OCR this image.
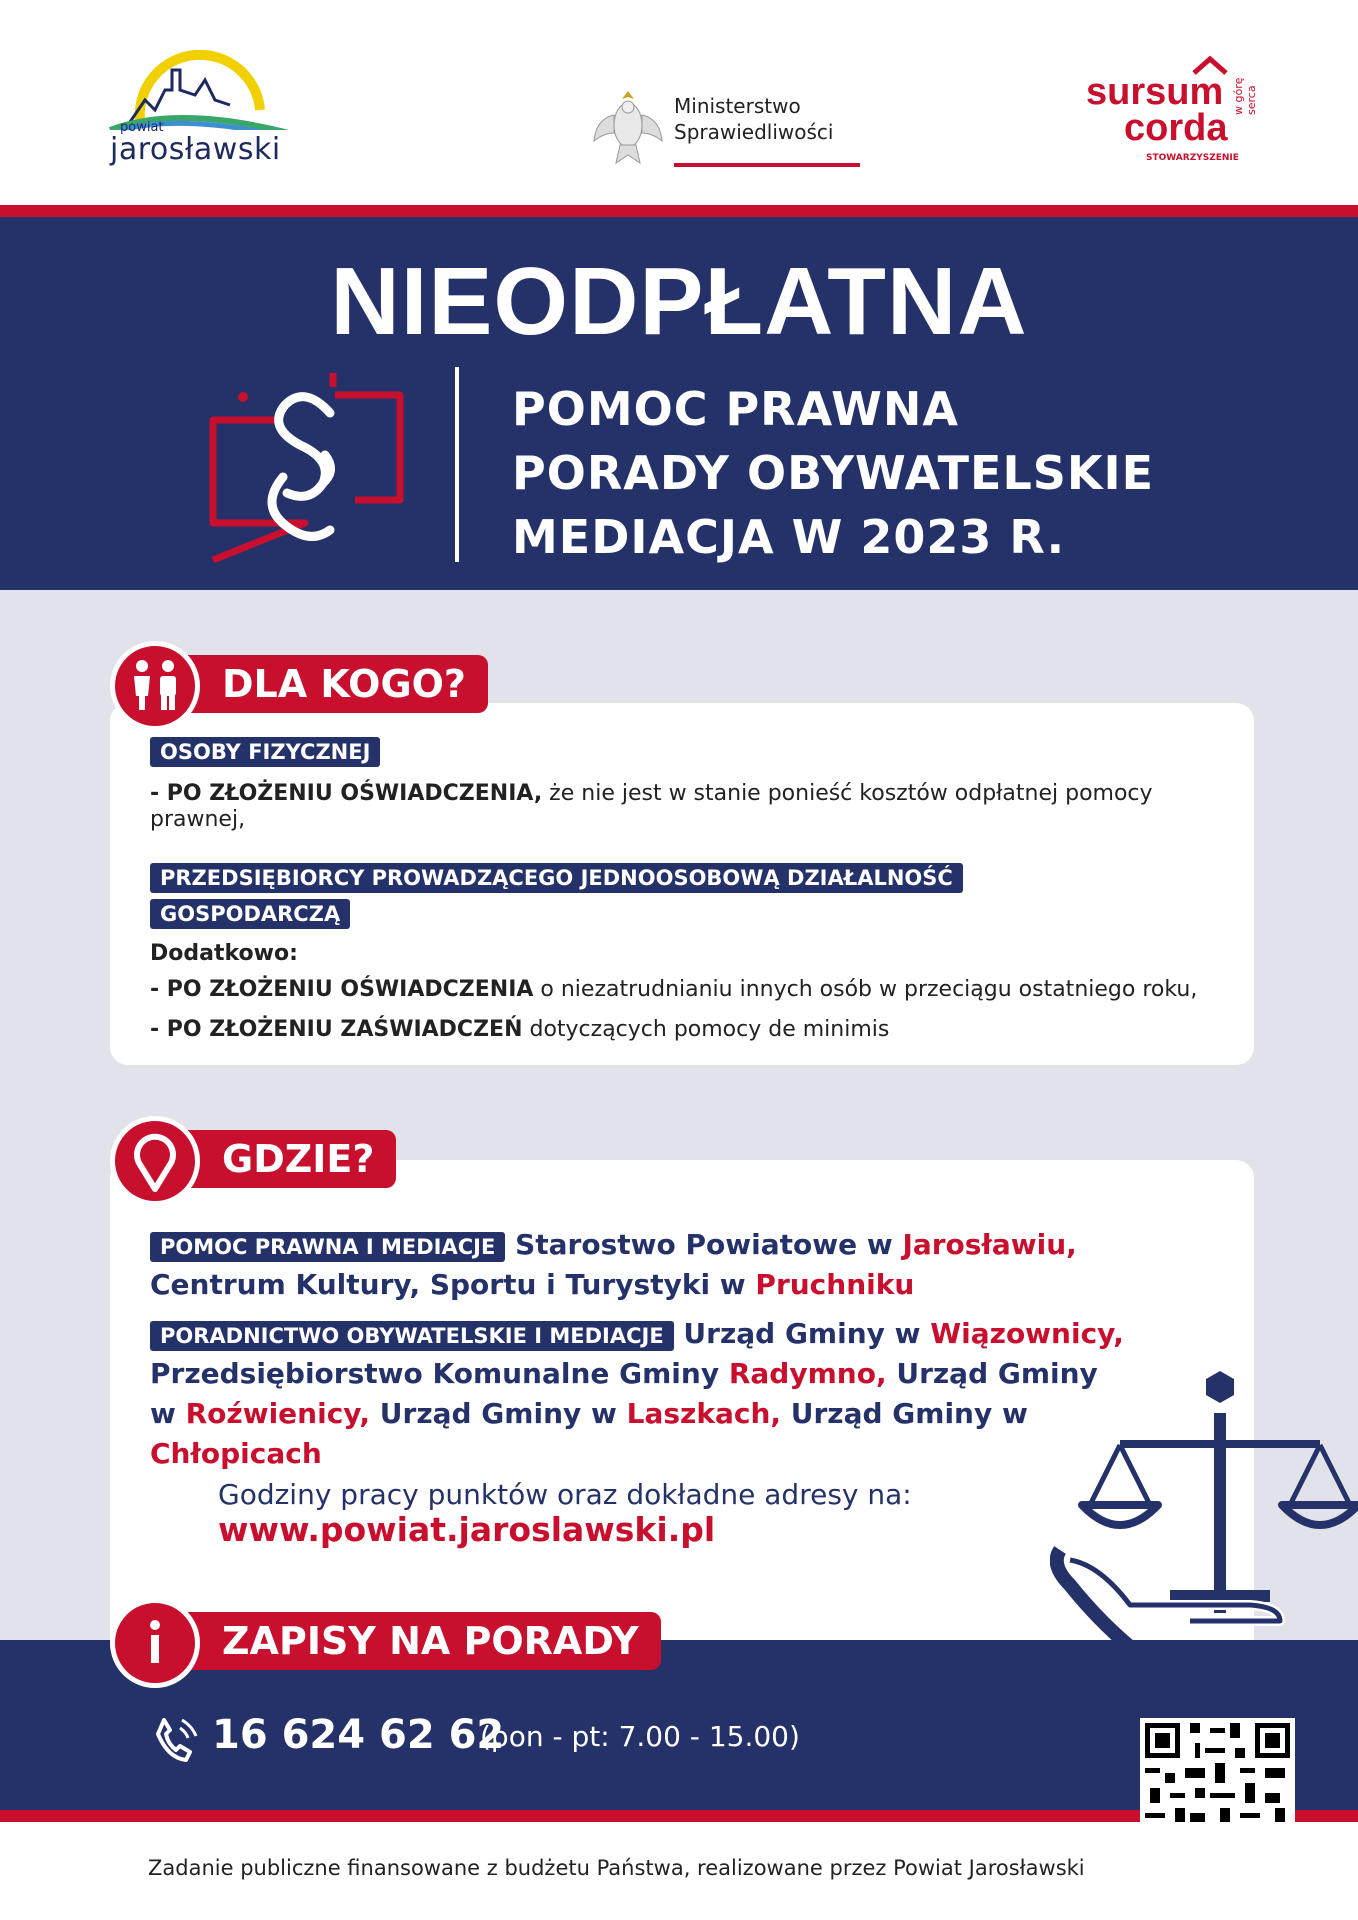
powiat
jarosławski
Ministerstwo
Sprawiedliwości
sursum
corda
STOWARZYSZENIE
w górę serca
NIEODPŁATNA
POMOC PRAWNA
PORADY OBYWATELSKIE
MEDIACJA W 2023 R.
OSOBY FIZYCZNEJ
- PO ZŁOŻENIU OŚWIADCZENIA, że nie jest w stanie ponieść kosztów odpłatnej pomocy
prawnej,
PRZEDSIĘBIORCY PROWADZĄCEGO JEDNOOSOBOWĄ DZIAŁALNOŚĆ
GOSPODARCZĄ
Dodatkowo:
- PO ZŁOŻENIU OŚWIADCZENIA o niezatrudnianiu innych osób w przeciągu ostatniego roku,
- PO ZŁOŻENIU ZAŚWIADCZEŃ dotyczących pomocy de minimis
DLA KOGO?
GDZIE?
POMOC PRAWNA I MEDIACJE Starostwo Powiatowe w Jarosławiu,
Centrum Kultury, Sportu i Turystyki w Pruchniku
PORADNICTWO OBYWATELSKIE I MEDIACJE Urząd Gminy w Wiązownicy,
Przedsiębiorstwo Komunalne Gminy Radymno, Urząd Gminy
w Roźwienicy, Urząd Gminy w Laszkach, Urząd Gminy w Chłopicach
Godziny pracy punktów oraz dokładne adresy na:
www.powiat.jaroslawski.pl
ZAPISY NA PORADY
16 624 62 62
(pon - pt: 7.00 - 15.00)
Zadanie publiczne finansowane z budżetu Państwa, realizowane przez Powiat Jarosławski
